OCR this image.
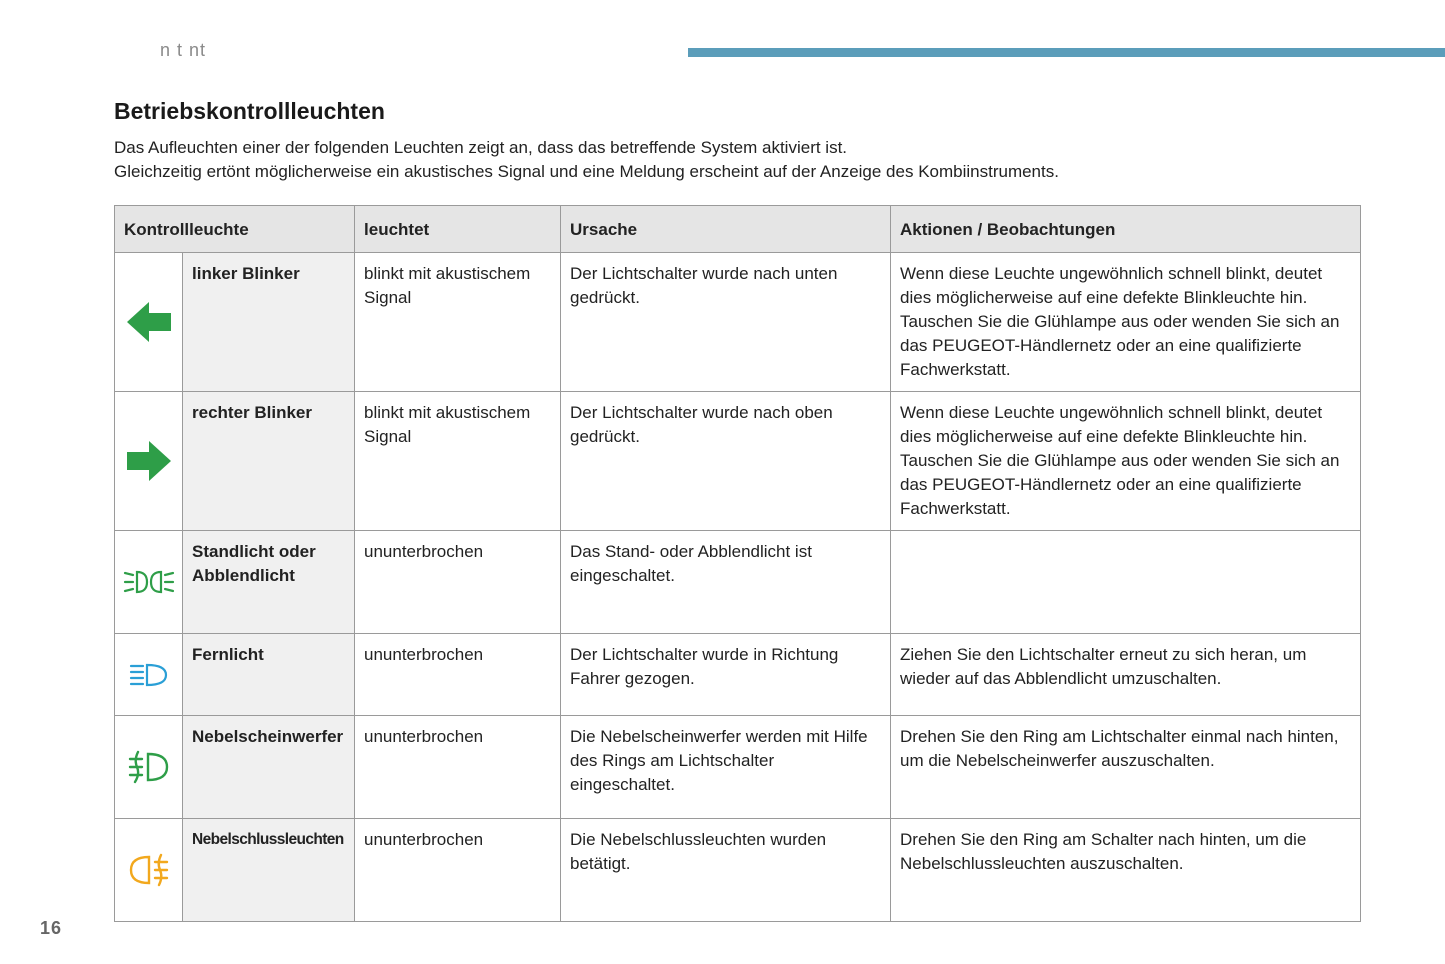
n t nt
Betriebskontrollleuchten

Das Aufleuchten einer der folgenden Leuchten zeigt an, dass das betreffende System aktiviert ist.

Gleichzeitig ertönt möglicherweise ein akustisches Signal und eine Meldung erscheint auf der Anzeige des Kombiinstruments.

Kontrollleuchte		leuchtet	Ursache	Aktionen / Beobachtungen

	linker Blinker	blinkt mit akustischem Signal	Der Lichtschalter wurde nach unten gedrückt.	Wenn diese Leuchte ungewöhnlich schnell blinkt, deutet dies möglicherweise auf eine defekte Blinkleuchte hin. Tauschen Sie die Glühlampe aus oder wenden Sie sich an das PEUGEOT-Händlernetz oder an eine qualifizierte Fachwerkstatt.

	rechter Blinker	blinkt mit akustischem Signal	Der Lichtschalter wurde nach oben gedrückt.	Wenn diese Leuchte ungewöhnlich schnell blinkt, deutet dies möglicherweise auf eine defekte Blinkleuchte hin. Tauschen Sie die Glühlampe aus oder wenden Sie sich an das PEUGEOT-Händlernetz oder an eine qualifizierte Fachwerkstatt.

	Standlicht oder Abblendlicht	ununterbrochen	Das Stand- oder Abblendlicht ist eingeschaltet.	

	Fernlicht	ununterbrochen	Der Lichtschalter wurde in Richtung Fahrer gezogen.	Ziehen Sie den Lichtschalter erneut zu sich heran, um wieder auf das Abblendlicht umzuschalten.

	Nebelscheinwerfer	ununterbrochen	Die Nebelscheinwerfer werden mit Hilfe des Rings am Lichtschalter eingeschaltet.	Drehen Sie den Ring am Lichtschalter einmal nach hinten, um die Nebelscheinwerfer auszuschalten.

	Nebelschlussleuchten	ununterbrochen	Die Nebelschlussleuchten wurden betätigt.	Drehen Sie den Ring am Schalter nach hinten, um die Nebelschlussleuchten auszuschalten.
16
